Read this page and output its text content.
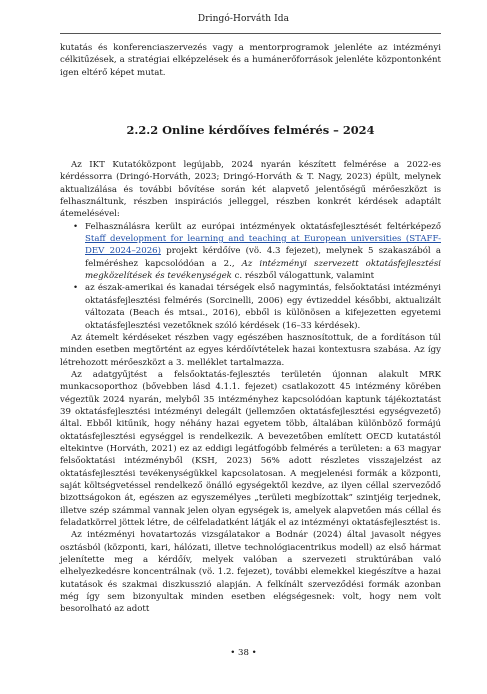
Dringó-Horváth Ida

kutatás és konferenciaszervezés vagy a mentorprogramok jelenléte az intézményi célkitűzések, a stratégiai elképzelések és a humánerőforrások jelenléte központonként igen eltérő képet mutat.

2.2.2 Online kérdőíves felmérés – 2024

Az IKT Kutatóközpont legújabb, 2024 nyarán készített felmérése a 2022-es kérdéssorra (Dringó-Horváth, 2023; Dringó-Horváth & T. Nagy, 2023) épült, melynek aktualizálása és további bővítése során két alapvető jelentőségű mérőeszközt is felhasználtunk, részben inspirációs jelleggel, részben konkrét kérdések adaptált átemelésével:

• Felhasználásra került az európai intézmények oktatásfejlesztését feltérképező Staff development for learning and teaching at European universities (STAFF-DEV 2024–2026) projekt kérdőíve (vö. 4.3 fejezet), melynek 5 szakaszából a felméréshez kapcsolódóan a 2., Az intézményi szervezett oktatásfejlesztési megközelítések és tevékenységek c. részből válogattunk, valamint
• az észak-amerikai és kanadai térségek első nagymintás, felsőoktatási intézményi oktatásfejlesztési felmérés (Sorcinelli, 2006) egy évtizeddel későbbi, aktualizált változata (Beach és mtsai., 2016), ebből is különösen a kifejezetten egyetemi oktatásfejlesztési vezetőknek szóló kérdések (16–33 kérdések).

Az átemelt kérdéseket részben vagy egészében hasznosítottuk, de a fordításon túl minden esetben megtörtént az egyes kérdőívtételek hazai kontextusra szabása. Az így létrehozott mérőeszközt a 3. melléklet tartalmazza.

Az adatgyűjtést a felsőoktatás-fejlesztés területén újonnan alakult MRK munkacsoporthoz (bővebben lásd 4.1.1. fejezet) csatlakozott 45 intézmény körében végeztük 2024 nyarán, melyből 35 intézményhez kapcsolódóan kaptunk tájékoztatást 39 oktatásfejlesztési intézményi delegált (jellemzően oktatásfejlesztési egységvezető) által. Ebből kitűnik, hogy néhány hazai egyetem több, általában különböző formájú oktatásfejlesztési egységgel is rendelkezik. A bevezetőben említett OECD kutatástól eltekintve (Horváth, 2021) ez az eddigi legátfogóbb felmérés a területen: a 63 magyar felsőoktatási intézményből (KSH, 2023) 56% adott részletes visszajelzést az oktatásfejlesztési tevékenységükkel kapcsolatosan. A megjelenési formák a központi, saját költségvetéssel rendelkező önálló egységektől kezdve, az ilyen céllal szerveződő bizottságokon át, egészen az egyszemélyes „területi megbízottak” szintjéig terjednek, illetve szép számmal vannak jelen olyan egységek is, amelyek alapvetően más céllal és feladatkörrel jöttek létre, de célfeladatként látják el az intézményi oktatásfejlesztést is.

Az intézményi hovatartozás vizsgálatakor a Bodnár (2024) által javasolt négyes osztásból (központi, kari, hálózati, illetve technológiacentrikus modell) az első hármat jelenítette meg a kérdőív, melyek valóban a szervezeti struktúrában való elhelyezkedésre koncentrálnak (vö. 1.2. fejezet), további elemekkel kiegészítve a hazai kutatások és szakmai diszkusszió alapján. A felkínált szerveződési formák azonban még így sem bizonyultak minden esetben elégségesnek: volt, hogy nem volt besorolható az adott

• 38 •
